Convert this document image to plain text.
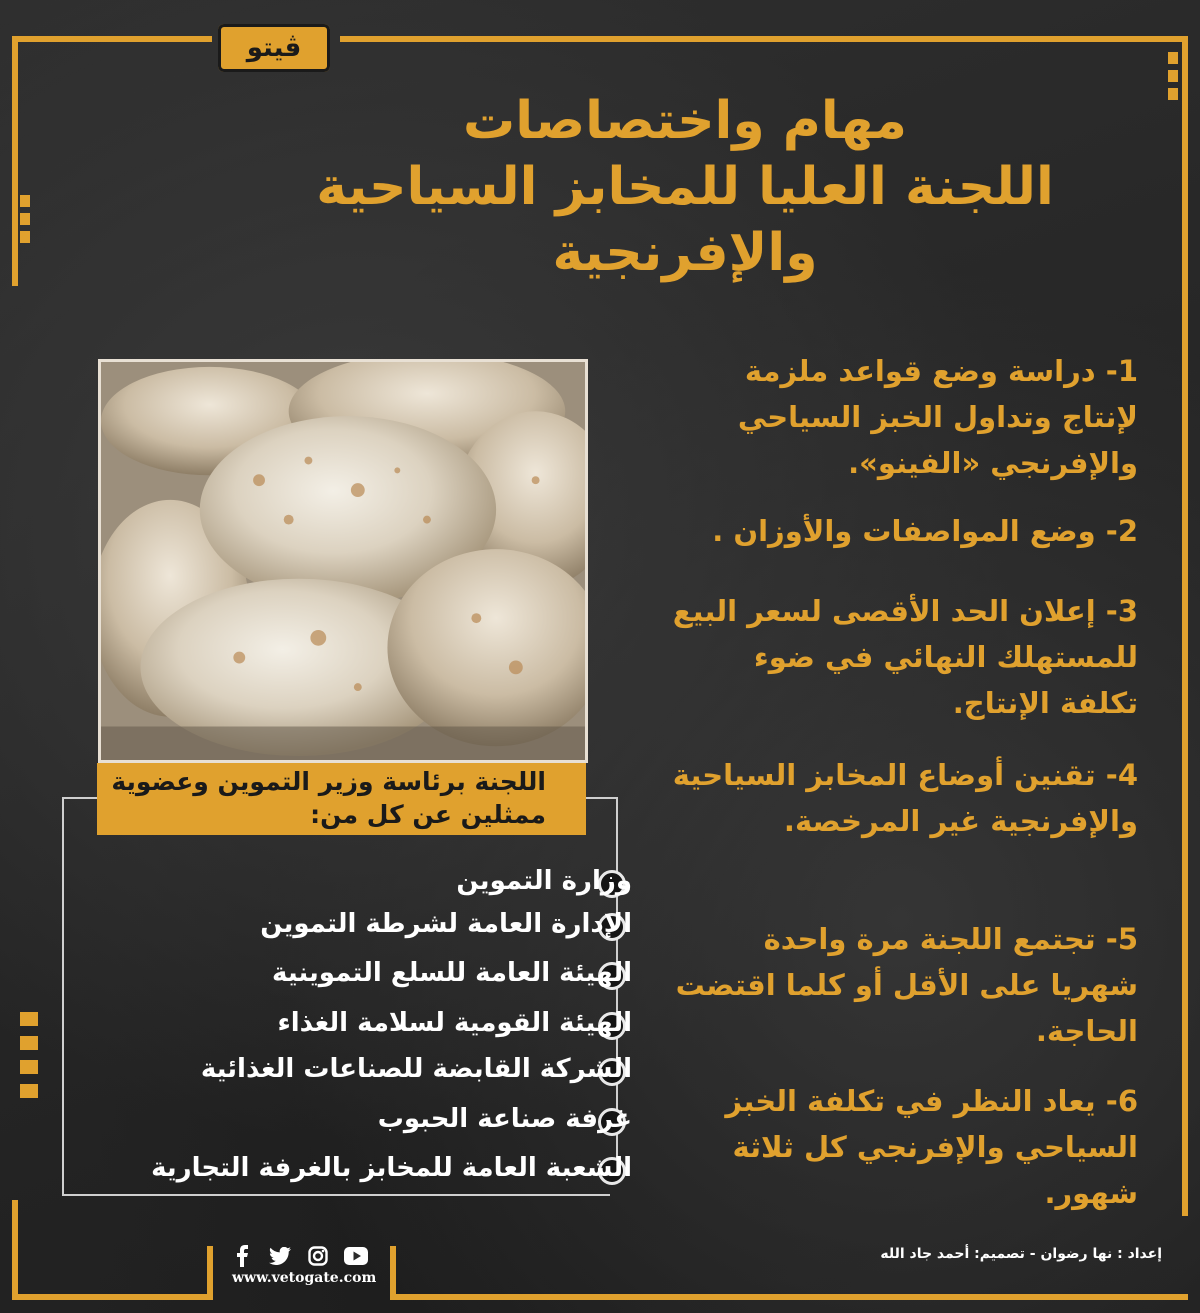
ڤيتو
مهام واختصاصات
اللجنة العليا للمخابز السياحية
والإفرنجية
اللجنة برئاسة وزير التموين وعضوية ممثلين عن كل من:
وزارة التموين
الإدارة العامة لشرطة التموين
الهيئة العامة للسلع التموينية
الهيئة القومية لسلامة الغذاء
الشركة القابضة للصناعات الغذائية
غرفة صناعة الحبوب
الشعبة العامة للمخابز بالغرفة التجارية
1- دراسة وضع قواعد ملزمة لإنتاج وتداول الخبز السياحي والإفرنجي «الفينو».
2- وضع المواصفات والأوزان .
3- إعلان الحد الأقصى لسعر البيع للمستهلك النهائي في ضوء تكلفة الإنتاج.
4- تقنين أوضاع المخابز السياحية والإفرنجية غير المرخصة.
5- تجتمع اللجنة مرة واحدة شهريا على الأقل أو كلما اقتضت الحاجة.
6- يعاد النظر في تكلفة الخبز السياحي والإفرنجي كل ثلاثة شهور.
إعداد : نها رضوان - تصميم: أحمد جاد الله
www.vetogate.com
